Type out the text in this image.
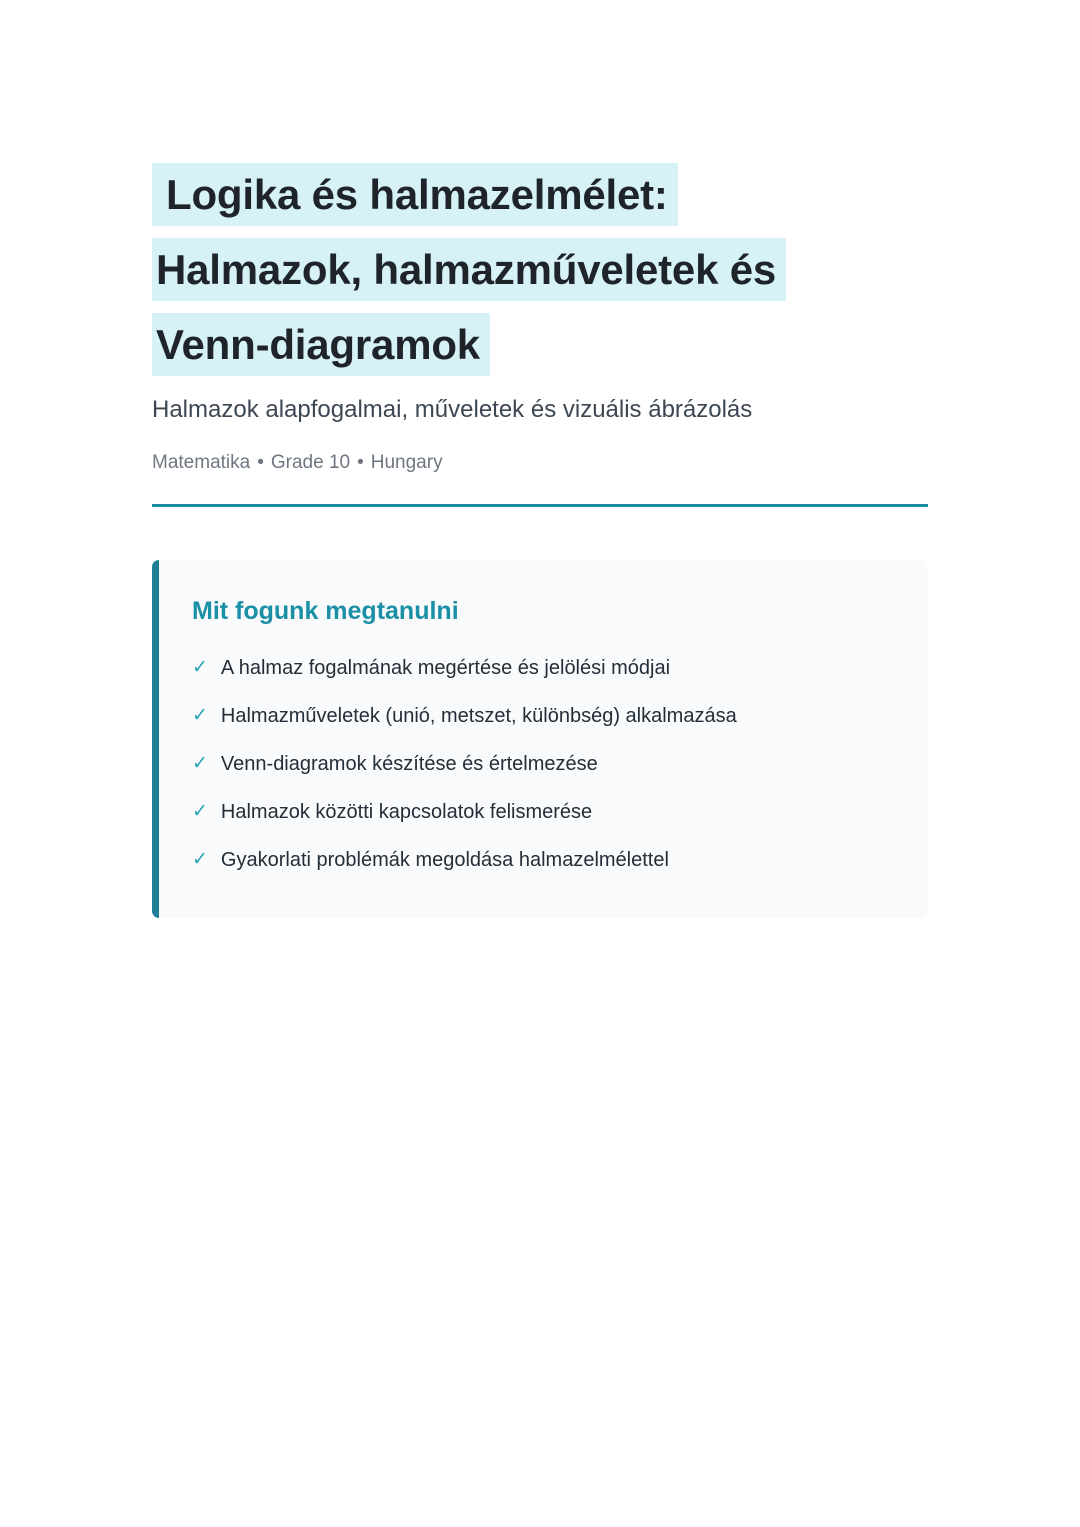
Logika és halmazelmélet:
Halmazok, halmazműveletek és
Venn-diagramok

Halmazok alapfogalmai, műveletek és vizuális ábrázolás

Matematika • Grade 10 • Hungary

Mit fogunk megtanulni
✓ A halmaz fogalmának megértése és jelölési módjai
✓ Halmazműveletek (unió, metszet, különbség) alkalmazása
✓ Venn-diagramok készítése és értelmezése
✓ Halmazok közötti kapcsolatok felismerése
✓ Gyakorlati problémák megoldása halmazelmélettel
